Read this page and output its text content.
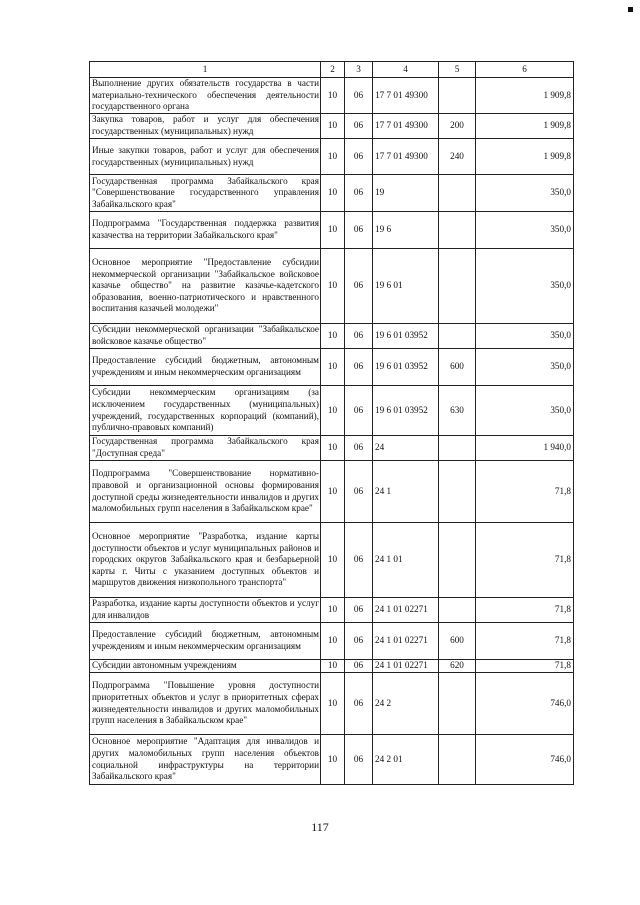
1	2	3	4	5	6
Выполнение других обязательств государства в части материально-технического обеспечения деятельности государственного органа	10	06	17 7 01 49300		1 909,8
Закупка товаров, работ и услуг для обеспечения государственных (муниципальных) нужд	10	06	17 7 01 49300	200	1 909,8
Иные закупки товаров, работ и услуг для обеспечения государственных (муниципальных) нужд	10	06	17 7 01 49300	240	1 909,8
Государственная программа Забайкальского края "Совершенствование государственного управления Забайкальского края"	10	06	19		350,0
Подпрограмма "Государственная поддержка развития казачества на территории Забайкальского края"	10	06	19 6		350,0
Основное мероприятие "Предоставление субсидии некоммерческой организации "Забайкальское войсковое казачье общество" на развитие казачье-кадетского образования, военно-патриотического и нравственного воспитания казачьей молодежи"	10	06	19 6 01		350,0
Субсидии некоммерческой организации "Забайкальское войсковое казачье общество"	10	06	19 6 01 03952		350,0
Предоставление субсидий бюджетным, автономным учреждениям и иным некоммерческим организациям	10	06	19 6 01 03952	600	350,0
Субсидии некоммерческим организациям (за исключением государственных (муниципальных) учреждений, государственных корпораций (компаний), публично-правовых компаний)	10	06	19 6 01 03952	630	350,0
Государственная программа Забайкальского края "Доступная среда"	10	06	24		1 940,0
Подпрограмма "Совершенствование нормативно-правовой и организационной основы формирования доступной среды жизнедеятельности инвалидов и других маломобильных групп населения в Забайкальском крае"	10	06	24 1		71,8
Основное мероприятие "Разработка, издание карты доступности объектов и услуг муниципальных районов и городских округов Забайкальского края и безбарьерной карты г. Читы с указанием доступных объектов и маршрутов движения низкопольного транспорта"	10	06	24 1 01		71,8
Разработка, издание карты доступности объектов и услуг для инвалидов	10	06	24 1 01 02271		71,8
Предоставление субсидий бюджетным, автономным учреждениям и иным некоммерческим организациям	10	06	24 1 01 02271	600	71,8
Субсидии автономным учреждениям	10	06	24 1 01 02271	620	71,8
Подпрограмма "Повышение уровня доступности приоритетных объектов и услуг в приоритетных сферах жизнедеятельности инвалидов и других маломобильных групп населения в Забайкальском крае"	10	06	24 2		746,0
Основное мероприятие "Адаптация для инвалидов и других маломобильных групп населения объектов социальной инфраструктуры на территории Забайкальского края"	10	06	24 2 01		746,0
117
